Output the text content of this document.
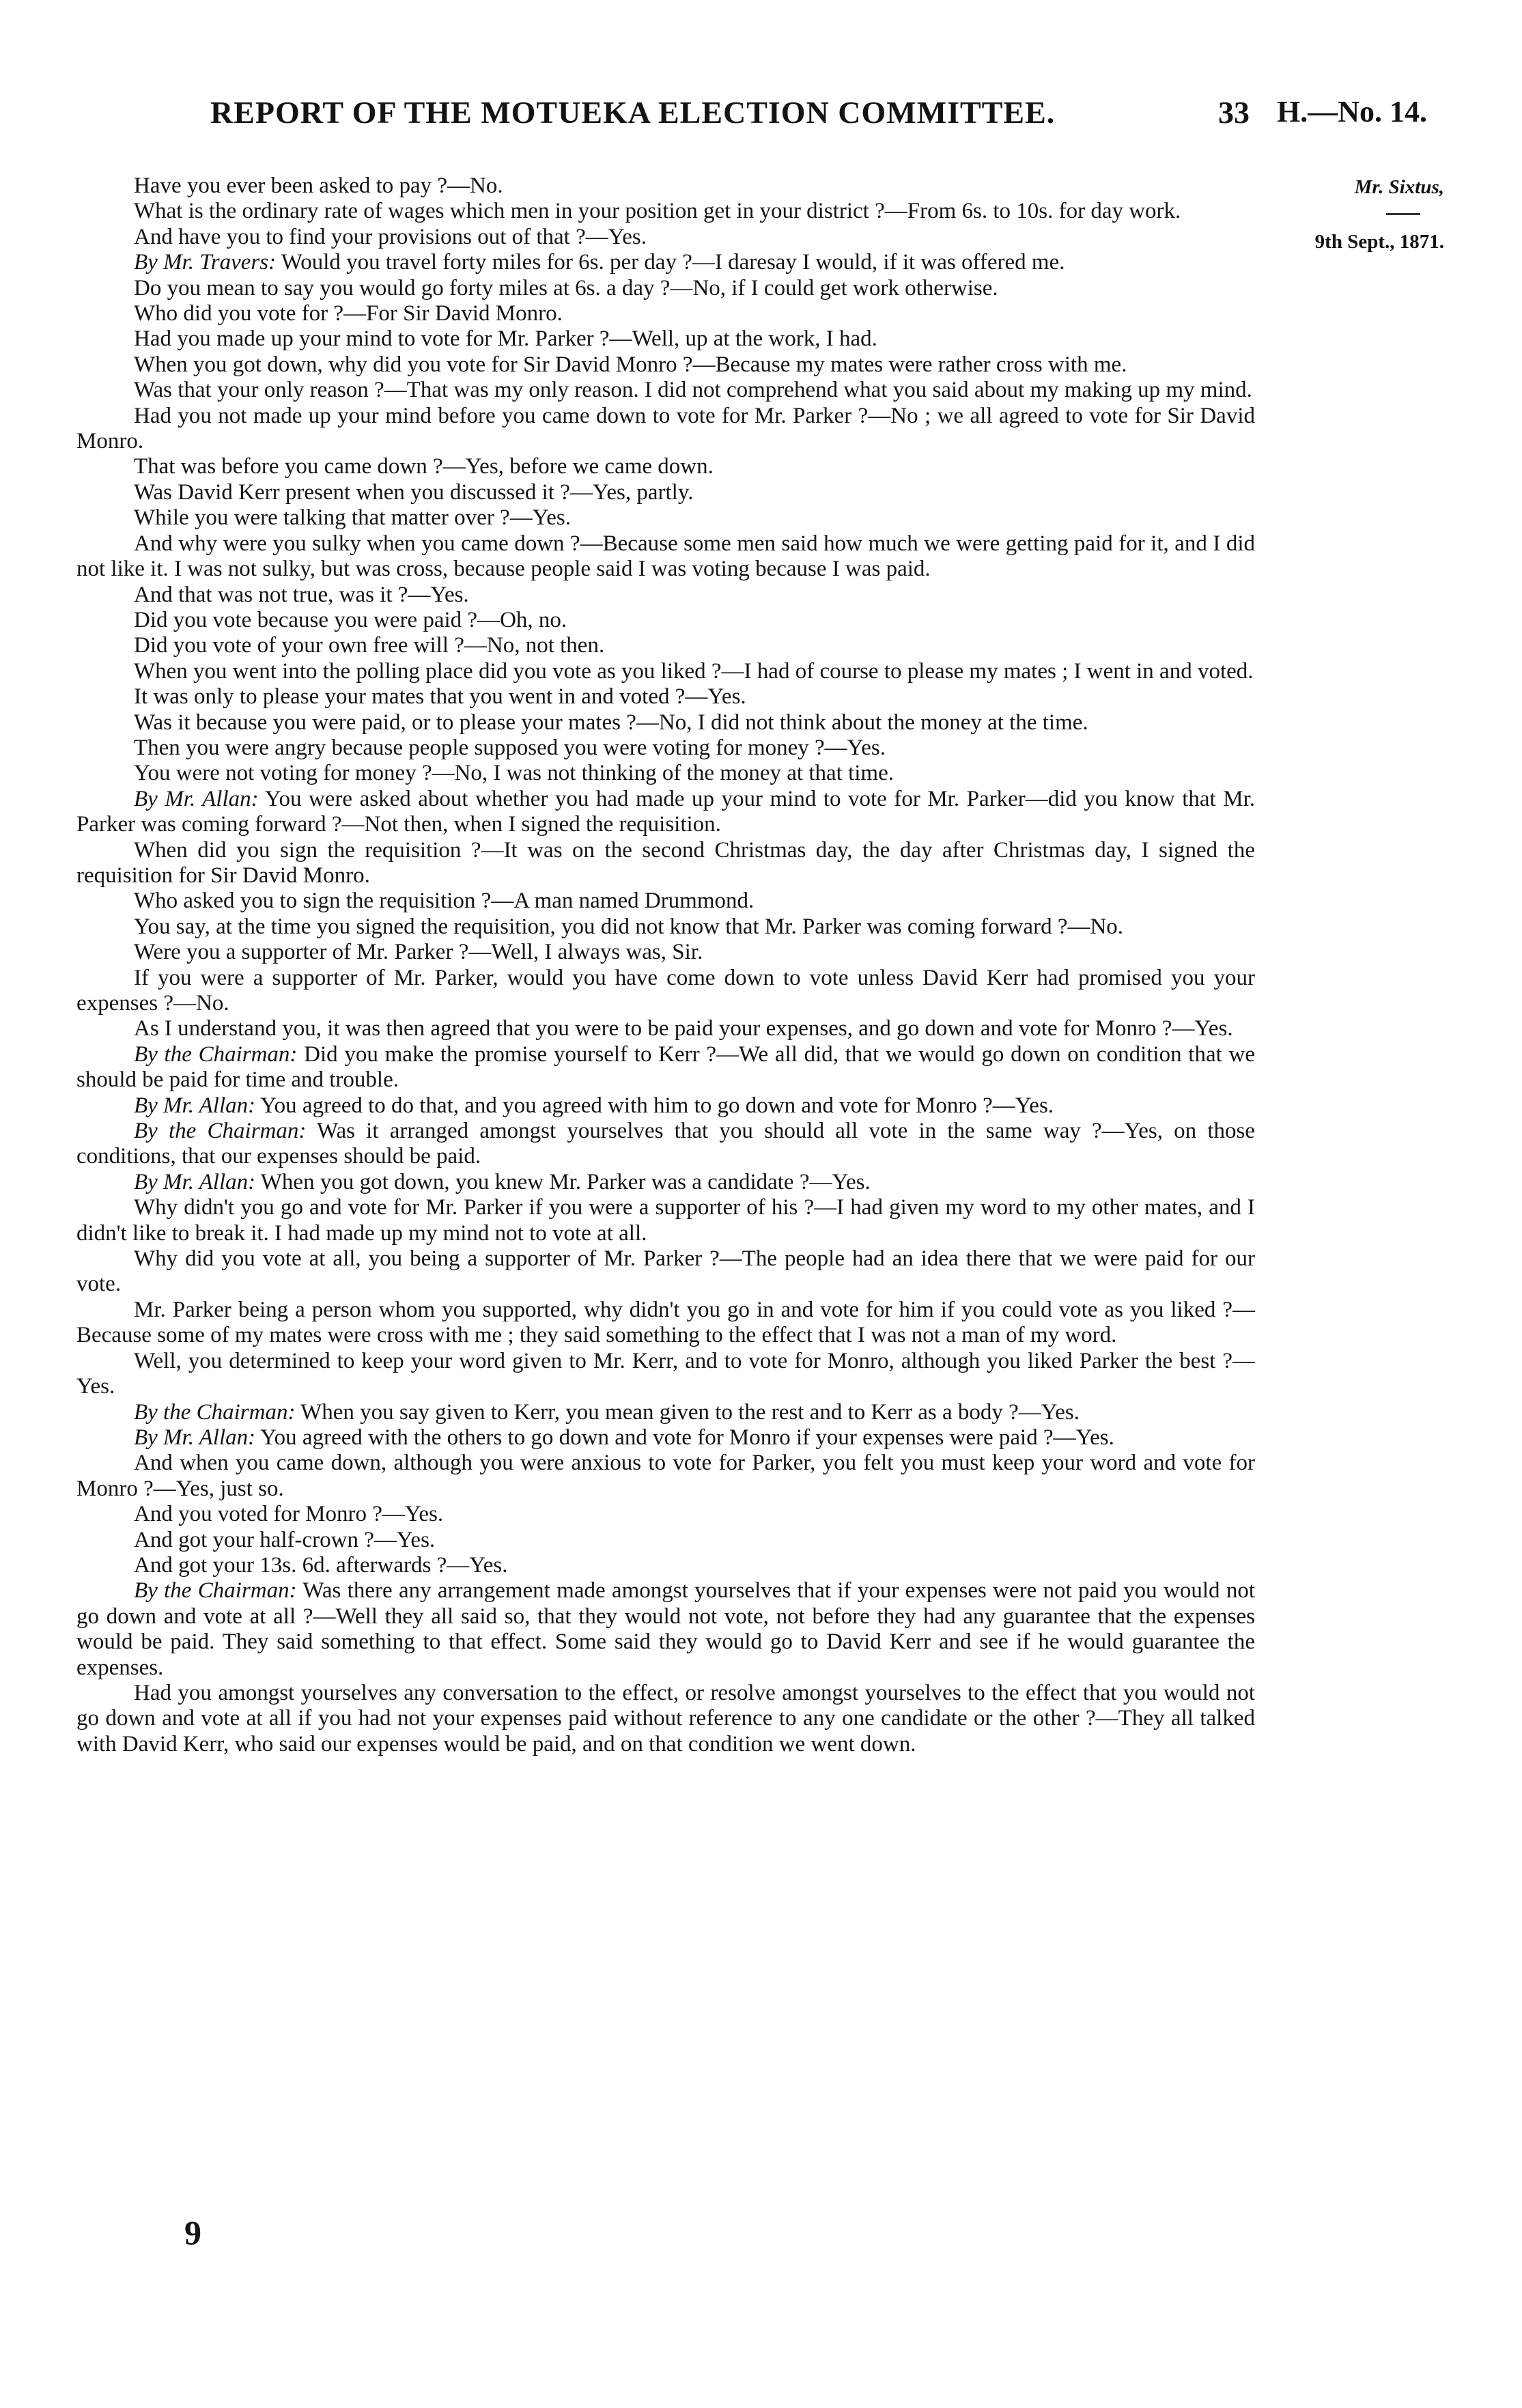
REPORT OF THE MOTUEKA ELECTION COMMITTEE.	33 H.—No. 14.
Mr. Sixtus,
9th Sept., 1871.

Have you ever been asked to pay ?—No.

What is the ordinary rate of wages which men in your position get in your district ?—From 6s. to 10s. for day work.

And have you to find your provisions out of that ?—Yes.

By Mr. Travers: Would you travel forty miles for 6s. per day ?—I daresay I would, if it was offered me.

Do you mean to say you would go forty miles at 6s. a day ?—No, if I could get work otherwise.

Who did you vote for ?—For Sir David Monro.

Had you made up your mind to vote for Mr. Parker ?—Well, up at the work, I had.

When you got down, why did you vote for Sir David Monro ?—Because my mates were rather cross with me.

Was that your only reason ?—That was my only reason. I did not comprehend what you said about my making up my mind.

Had you not made up your mind before you came down to vote for Mr. Parker ?—No ; we all agreed to vote for Sir David Monro.

That was before you came down ?—Yes, before we came down.

Was David Kerr present when you discussed it ?—Yes, partly.

While you were talking that matter over ?—Yes.

And why were you sulky when you came down ?—Because some men said how much we were getting paid for it, and I did not like it. I was not sulky, but was cross, because people said I was voting because I was paid.

And that was not true, was it ?—Yes.

Did you vote because you were paid ?—Oh, no.

Did you vote of your own free will ?—No, not then.

When you went into the polling place did you vote as you liked ?—I had of course to please my mates ; I went in and voted.

It was only to please your mates that you went in and voted ?—Yes.

Was it because you were paid, or to please your mates ?—No, I did not think about the money at the time.

Then you were angry because people supposed you were voting for money ?—Yes.

You were not voting for money ?—No, I was not thinking of the money at that time.

By Mr. Allan: You were asked about whether you had made up your mind to vote for Mr. Parker—did you know that Mr. Parker was coming forward ?—Not then, when I signed the requisition.

When did you sign the requisition ?—It was on the second Christmas day, the day after Christmas day, I signed the requisition for Sir David Monro.

Who asked you to sign the requisition ?—A man named Drummond.

You say, at the time you signed the requisition, you did not know that Mr. Parker was coming forward ?—No.

Were you a supporter of Mr. Parker ?—Well, I always was, Sir.

If you were a supporter of Mr. Parker, would you have come down to vote unless David Kerr had promised you your expenses ?—No.

As I understand you, it was then agreed that you were to be paid your expenses, and go down and vote for Monro ?—Yes.

By the Chairman: Did you make the promise yourself to Kerr ?—We all did, that we would go down on condition that we should be paid for time and trouble.

By Mr. Allan: You agreed to do that, and you agreed with him to go down and vote for Monro ?—Yes.

By the Chairman: Was it arranged amongst yourselves that you should all vote in the same way ?—Yes, on those conditions, that our expenses should be paid.

By Mr. Allan: When you got down, you knew Mr. Parker was a candidate ?—Yes.

Why didn't you go and vote for Mr. Parker if you were a supporter of his ?—I had given my word to my other mates, and I didn't like to break it. I had made up my mind not to vote at all.

Why did you vote at all, you being a supporter of Mr. Parker ?—The people had an idea there that we were paid for our vote.

Mr. Parker being a person whom you supported, why didn't you go in and vote for him if you could vote as you liked ?—Because some of my mates were cross with me ; they said something to the effect that I was not a man of my word.

Well, you determined to keep your word given to Mr. Kerr, and to vote for Monro, although you liked Parker the best ?—Yes.

By the Chairman: When you say given to Kerr, you mean given to the rest and to Kerr as a body ?—Yes.

By Mr. Allan: You agreed with the others to go down and vote for Monro if your expenses were paid ?—Yes.

And when you came down, although you were anxious to vote for Parker, you felt you must keep your word and vote for Monro ?—Yes, just so.

And you voted for Monro ?—Yes.

And got your half-crown ?—Yes.

And got your 13s. 6d. afterwards ?—Yes.

By the Chairman: Was there any arrangement made amongst yourselves that if your expenses were not paid you would not go down and vote at all ?—Well they all said so, that they would not vote, not before they had any guarantee that the expenses would be paid. They said something to that effect. Some said they would go to David Kerr and see if he would guarantee the expenses.

Had you amongst yourselves any conversation to the effect, or resolve amongst yourselves to the effect that you would not go down and vote at all if you had not your expenses paid without reference to any one candidate or the other ?—They all talked with David Kerr, who said our expenses would be paid, and on that condition we went down.

9
